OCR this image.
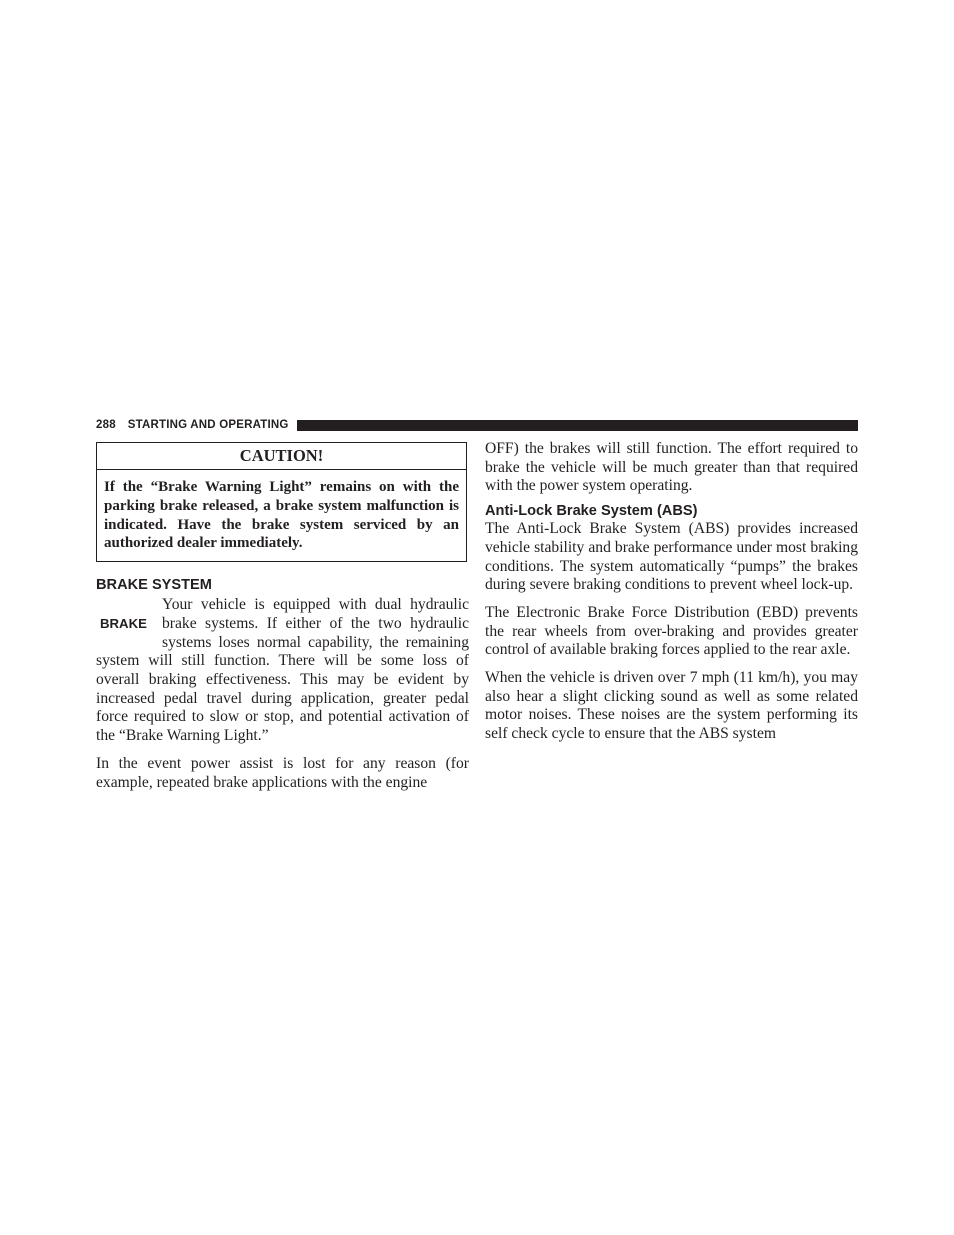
288 STARTING AND OPERATING
CAUTION!
If the “Brake Warning Light” remains on with the parking brake released, a brake system malfunction is indicated. Have the brake system serviced by an authorized dealer immediately.
BRAKE SYSTEM

BRAKE
Your vehicle is equipped with dual hydraulic brake systems. If either of the two hydraulic systems loses normal capability, the remaining system will still function. There will be some loss of overall braking effectiveness. This may be evident by increased pedal travel during application, greater pedal force required to slow or stop, and potential activation of the “Brake Warning Light.”

In the event power assist is lost for any reason (for example, repeated brake applications with the engine

OFF) the brakes will still function. The effort required to brake the vehicle will be much greater than that required with the power system operating.

Anti-Lock Brake System (ABS)

The Anti-Lock Brake System (ABS) provides increased vehicle stability and brake performance under most braking conditions. The system automatically “pumps” the brakes during severe braking conditions to prevent wheel lock-up.

The Electronic Brake Force Distribution (EBD) prevents the rear wheels from over-braking and provides greater control of available braking forces applied to the rear axle.

When the vehicle is driven over 7 mph (11 km/h), you may also hear a slight clicking sound as well as some related motor noises. These noises are the system performing its self check cycle to ensure that the ABS system
